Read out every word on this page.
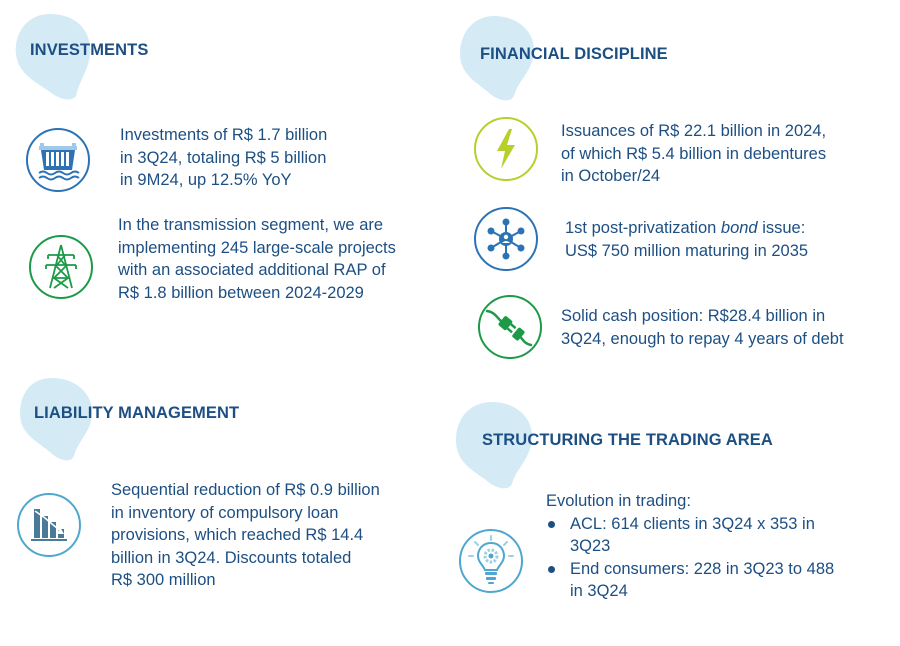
INVESTMENTS	FINANCIAL DISCIPLINE
LIABILITY MANAGEMENT
STRUCTURING THE TRADING AREA
Investments of R$ 1.7 billion
in 3Q24, totaling R$ 5 billion
in 9M24, up 12.5% YoY
In the transmission segment, we are
implementing 245 large-scale projects
with an associated additional RAP of
R$ 1.8 billion between 2024-2029
Issuances of R$ 22.1 billion in 2024,
of which R$ 5.4 billion in debentures
in October/24
1st post-privatization bond issue:
US$ 750 million maturing in 2035
Solid cash position: R$28.4 billion in
3Q24, enough to repay 4 years of debt
Sequential reduction of R$ 0.9 billion
in inventory of compulsory loan
provisions, which reached R$ 14.4
billion in 3Q24. Discounts totaled
R$ 300 million
Evolution in trading:
ACL: 614 clients in 3Q24 x 353 in
3Q23
End consumers: 228 in 3Q23 to 488
in 3Q24
